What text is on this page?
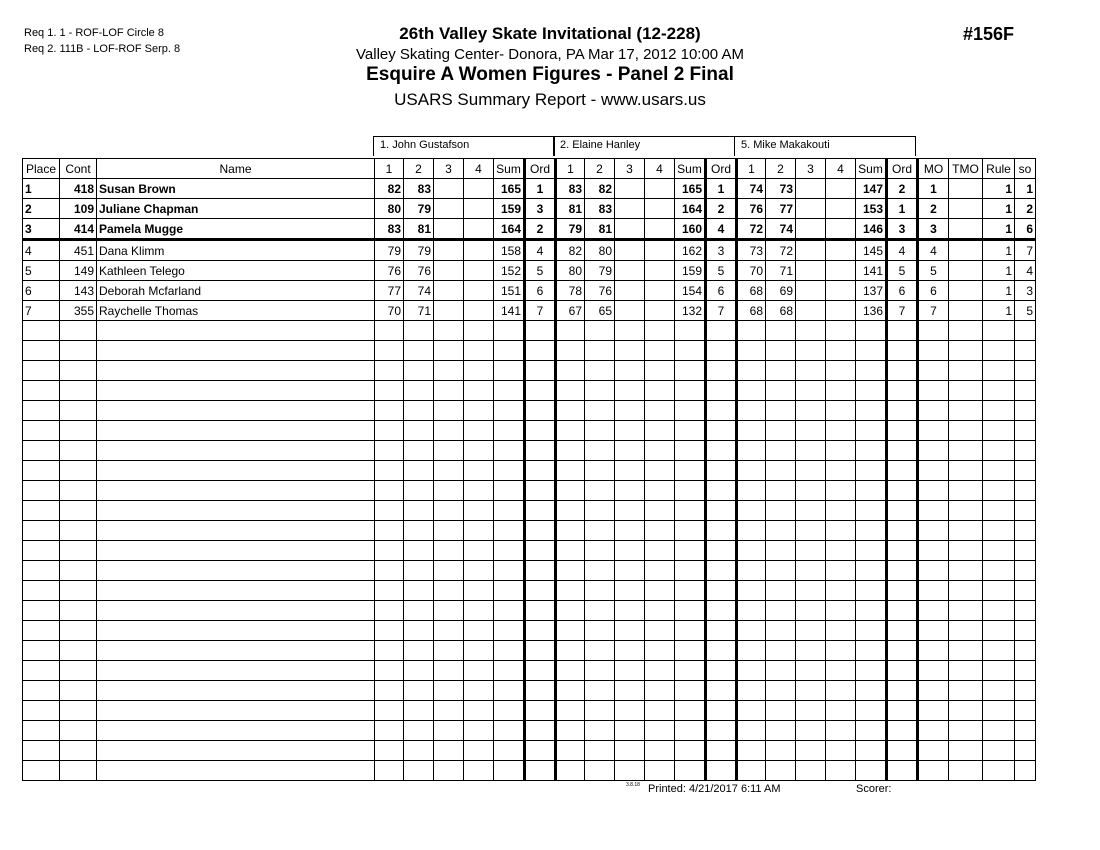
Req 1. 1 - ROF-LOF Circle 8
Req 2. 111B - LOF-ROF Serp. 8
26th Valley Skate Invitational (12-228)
Valley Skating Center- Donora, PA Mar 17, 2012 10:00 AM
Esquire A Women Figures - Panel 2 Final
USARS Summary Report - www.usars.us
#156F
1. John Gustafson	2. Elaine Hanley	5. Mike Makakouti
Place	Cont	Name	1	2	3	4	Sum	Ord	1	2	3	4	Sum	Ord	1	2	3	4	Sum	Ord	MO	TMO	Rule	so
1	418	Susan Brown	82	83			165	1	83	82			165	1	74	73			147	2	1		1	1
2	109	Juliane Chapman	80	79			159	3	81	83			164	2	76	77			153	1	2		1	2
3	414	Pamela Mugge	83	81			164	2	79	81			160	4	72	74			146	3	3		1	6
4	451	Dana Klimm	79	79			158	4	82	80			162	3	73	72			145	4	4		1	7
5	149	Kathleen Telego	76	76			152	5	80	79			159	5	70	71			141	5	5		1	4
6	143	Deborah Mcfarland	77	74			151	6	78	76			154	6	68	69			137	6	6		1	3
7	355	Raychelle Thomas	70	71			141	7	67	65			132	7	68	68			136	7	7		1	5

3.8.18 Printed: 4/21/2017 6:11 AM	Scorer:
